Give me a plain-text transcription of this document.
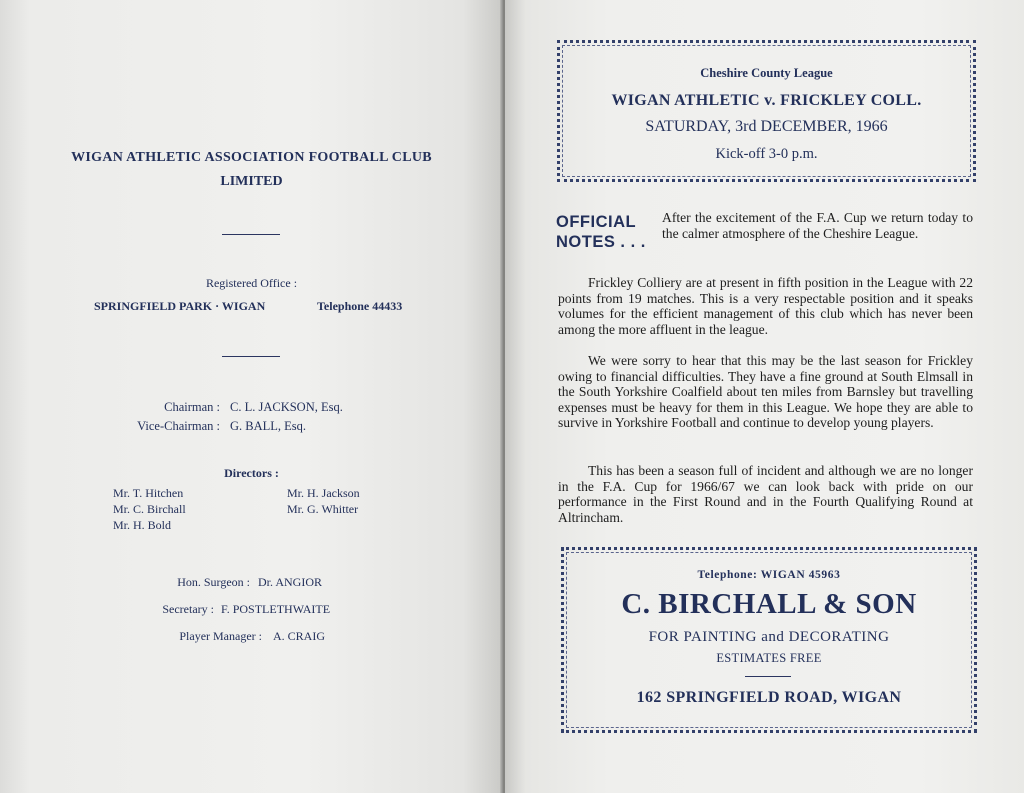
WIGAN ATHLETIC ASSOCIATION FOOTBALL CLUB
LIMITED
Registered Office :
SPRINGFIELD PARK · WIGAN	Telephone 44433
Chairman : C. L. JACKSON, Esq.
Vice-Chairman : G. BALL, Esq.
Directors :
Mr. T. Hitchen
Mr. C. Birchall
Mr. H. Bold
Mr. H. Jackson
Mr. G. Whitter
Hon. Surgeon : Dr. ANGIOR
Secretary : F. POSTLETHWAITE
Player Manager : A. CRAIG
Cheshire County League
WIGAN ATHLETIC v. FRICKLEY COLL.
SATURDAY, 3rd DECEMBER, 1966
Kick-off 3-0 p.m.
OFFICIAL
NOTES . . .
After the excitement of the F.A. Cup we return today to the calmer atmosphere of the Cheshire League.

Frickley Colliery are at present in fifth position in the League with 22 points from 19 matches. This is a very respectable position and it speaks volumes for the efficient management of this club which has never been among the more affluent in the league.

We were sorry to hear that this may be the last season for Frickley owing to financial difficulties. They have a fine ground at South Elmsall in the South Yorkshire Coalfield about ten miles from Barnsley but travelling expenses must be heavy for them in this League. We hope they are able to survive in Yorkshire Football and continue to develop young players.

This has been a season full of incident and although we are no longer in the F.A. Cup for 1966/67 we can look back with pride on our performance in the First Round and in the Fourth Qualifying Round at Altrincham.

Telephone: WIGAN 45963
C. BIRCHALL & SON
FOR PAINTING and DECORATING
ESTIMATES FREE
162 SPRINGFIELD ROAD, WIGAN
